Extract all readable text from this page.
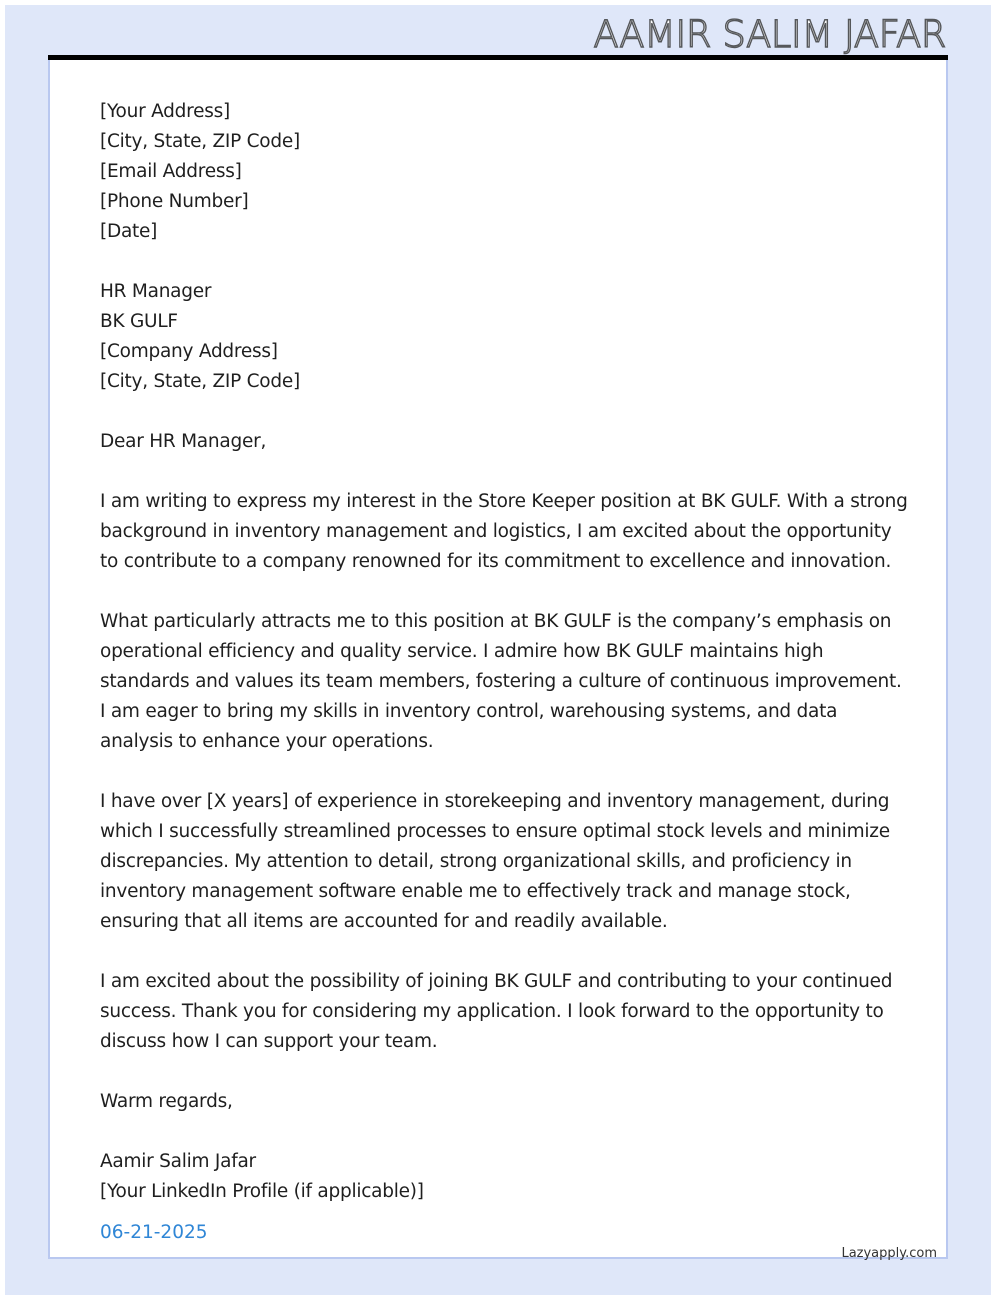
AAMIR SALIM JAFAR
[Your Address]
[City, State, ZIP Code]
[Email Address]
[Phone Number]
[Date]
HR Manager
BK GULF
[Company Address]
[City, State, ZIP Code]
Dear HR Manager,

I am writing to express my interest in the Store Keeper position at BK GULF. With a strong background in inventory management and logistics, I am excited about the opportunity to contribute to a company renowned for its commitment to excellence and innovation.

What particularly attracts me to this position at BK GULF is the company’s emphasis on operational efficiency and quality service. I admire how BK GULF maintains high standards and values its team members, fostering a culture of continuous improvement. I am eager to bring my skills in inventory control, warehousing systems, and data analysis to enhance your operations.

I have over [X years] of experience in storekeeping and inventory management, during which I successfully streamlined processes to ensure optimal stock levels and minimize discrepancies. My attention to detail, strong organizational skills, and proficiency in inventory management software enable me to effectively track and manage stock, ensuring that all items are accounted for and readily available.

I am excited about the possibility of joining BK GULF and contributing to your continued success. Thank you for considering my application. I look forward to the opportunity to discuss how I can support your team.

Warm regards,
Aamir Salim Jafar
[Your LinkedIn Profile (if applicable)]
06-21-2025
Lazyapply.com
